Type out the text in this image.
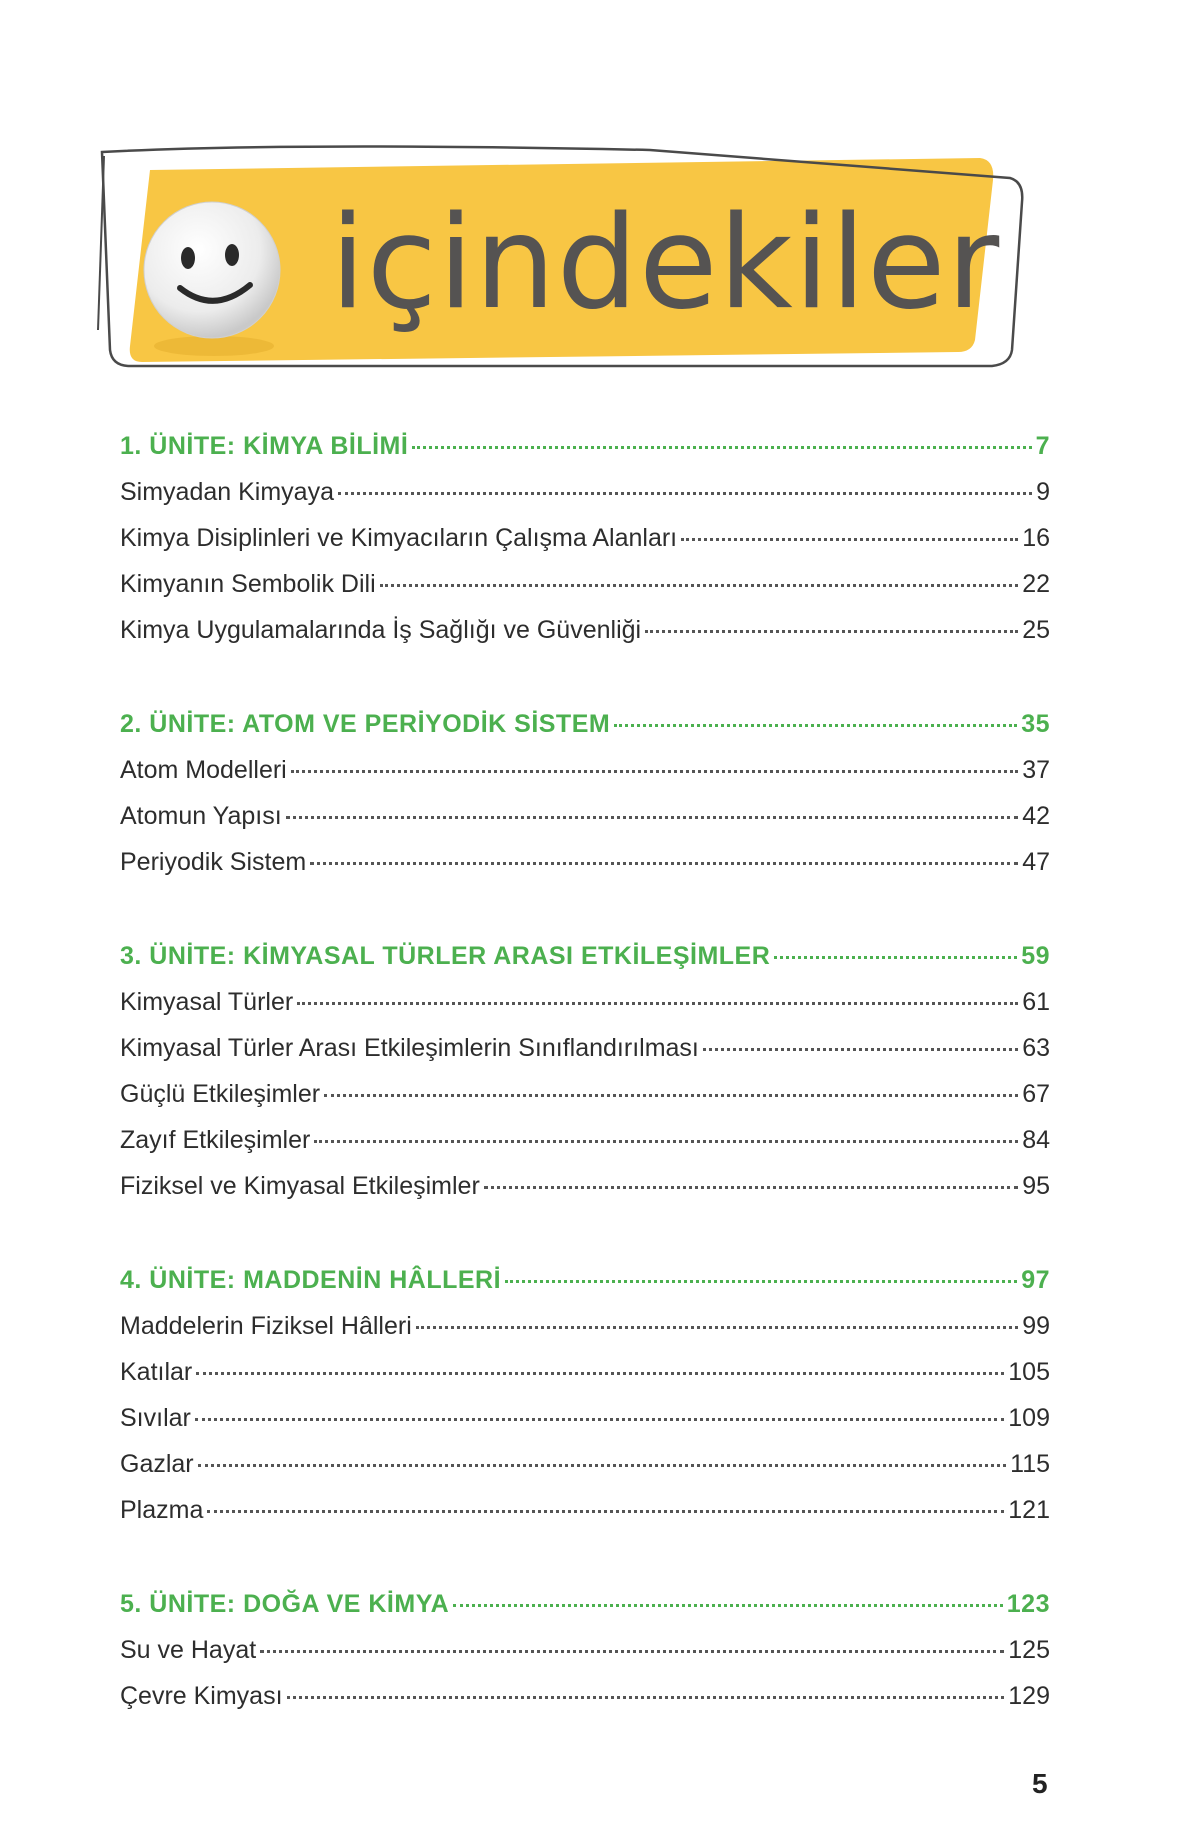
içindekiler
1. ÜNİTE: KİMYA BİLİMİ	7
Simyadan Kimyaya	9
Kimya Disiplinleri ve Kimyacıların Çalışma Alanları	16
Kimyanın Sembolik Dili	22
Kimya Uygulamalarında İş Sağlığı ve Güvenliği	25
2. ÜNİTE: ATOM VE PERİYODİK SİSTEM	35
Atom Modelleri	37
Atomun Yapısı	42
Periyodik Sistem	47
3. ÜNİTE: KİMYASAL TÜRLER ARASI ETKİLEŞİMLER	59
Kimyasal Türler	61
Kimyasal Türler Arası Etkileşimlerin Sınıflandırılması	63
Güçlü Etkileşimler	67
Zayıf Etkileşimler	84
Fiziksel ve Kimyasal Etkileşimler	95
4. ÜNİTE: MADDENİN HÂLLERİ	97
Maddelerin Fiziksel Hâlleri	99
Katılar	105
Sıvılar	109
Gazlar	115
Plazma	121
5. ÜNİTE: DOĞA VE KİMYA	123
Su ve Hayat	125
Çevre Kimyası	129
5
